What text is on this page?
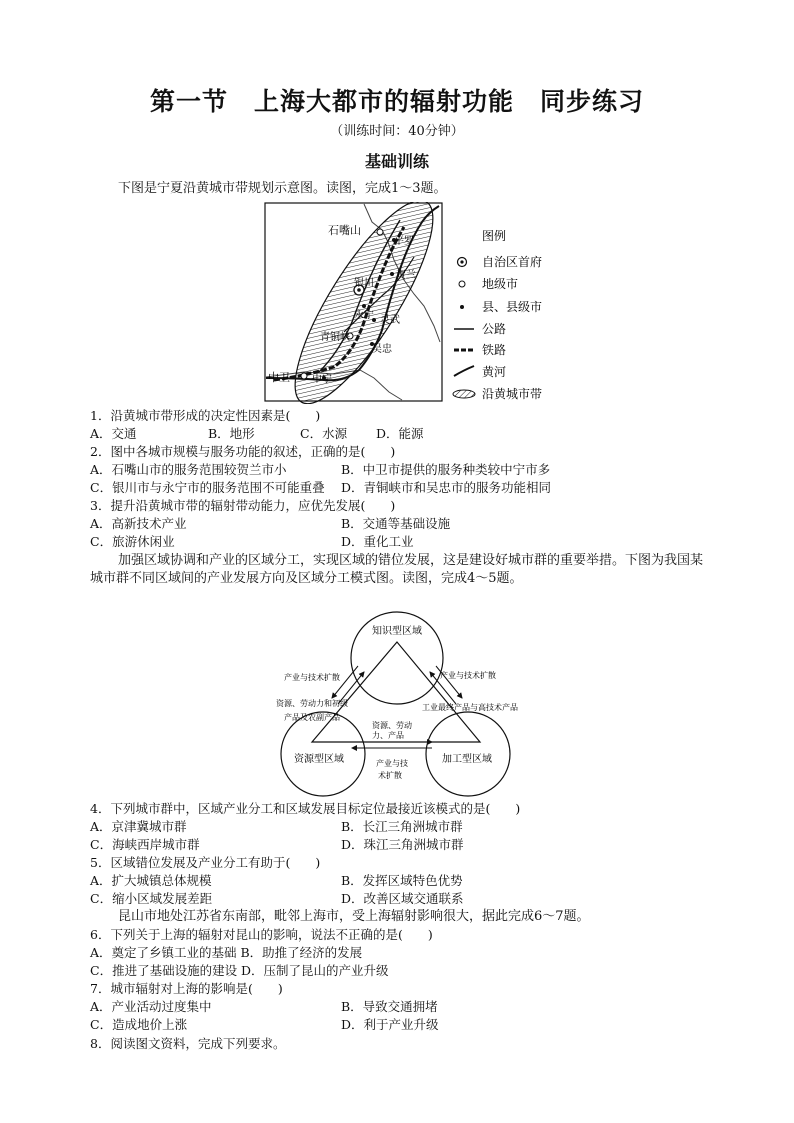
第一节　上海大都市的辐射功能　同步练习
（训练时间：40分钟）
基础训练
下图是宁夏沿黄城市带规划示意图。读图，完成1～3题。
石嘴山
平罗
贺兰
银川
永宁 灵武
青铜峡
吴忠
中卫 中宁
图例
自治区首府
地级市
县、县级市
公路
铁路
黄河
沿黄城市带
1．沿黄城市带形成的决定性因素是(　　)
A．交通	B．地形	C．水源 D．能源
2．图中各城市规模与服务功能的叙述，正确的是(　　)
A．石嘴山市的服务范围较贺兰市小	B．中卫市提供的服务种类较中宁市多
C．银川市与永宁市的服务范围不可能重叠 D．青铜峡市和吴忠市的服务功能相同
3．提升沿黄城市带的辐射带动能力，应优先发展(　　)
A．高新技术产业	B．交通等基础设施
C．旅游休闲业	D．重化工业
加强区域协调和产业的区域分工，实现区域的错位发展，这是建设好城市群的重要举措。下图为我国某城市群不同区域间的产业发展方向及区域分工模式图。读图，完成4～5题。
知识型区域
资源型区域	加工型区域
产业与技术扩散	产业与技术扩散
资源、劳动力和初级
产品及农副产品
工业最终产品与高技术产品
资源、劳动
力、产品
产业与技
术扩散
4．下列城市群中，区域产业分工和区域发展目标定位最接近该模式的是(　　)
A．京津冀城市群	B．长江三角洲城市群
C．海峡西岸城市群	D．珠江三角洲城市群
5．区域错位发展及产业分工有助于(　　)
A．扩大城镇总体规模	B．发挥区域特色优势
C．缩小区域发展差距	D．改善区域交通联系
昆山市地处江苏省东南部，毗邻上海市，受上海辐射影响很大，据此完成6～7题。
6．下列关于上海的辐射对昆山的影响，说法不正确的是(　　)
A．奠定了乡镇工业的基础 B．助推了经济的发展
C．推进了基础设施的建设 D．压制了昆山的产业升级
7．城市辐射对上海的影响是(　　)
A．产业活动过度集中	B．导致交通拥堵
C．造成地价上涨	D．利于产业升级
8．阅读图文资料，完成下列要求。
